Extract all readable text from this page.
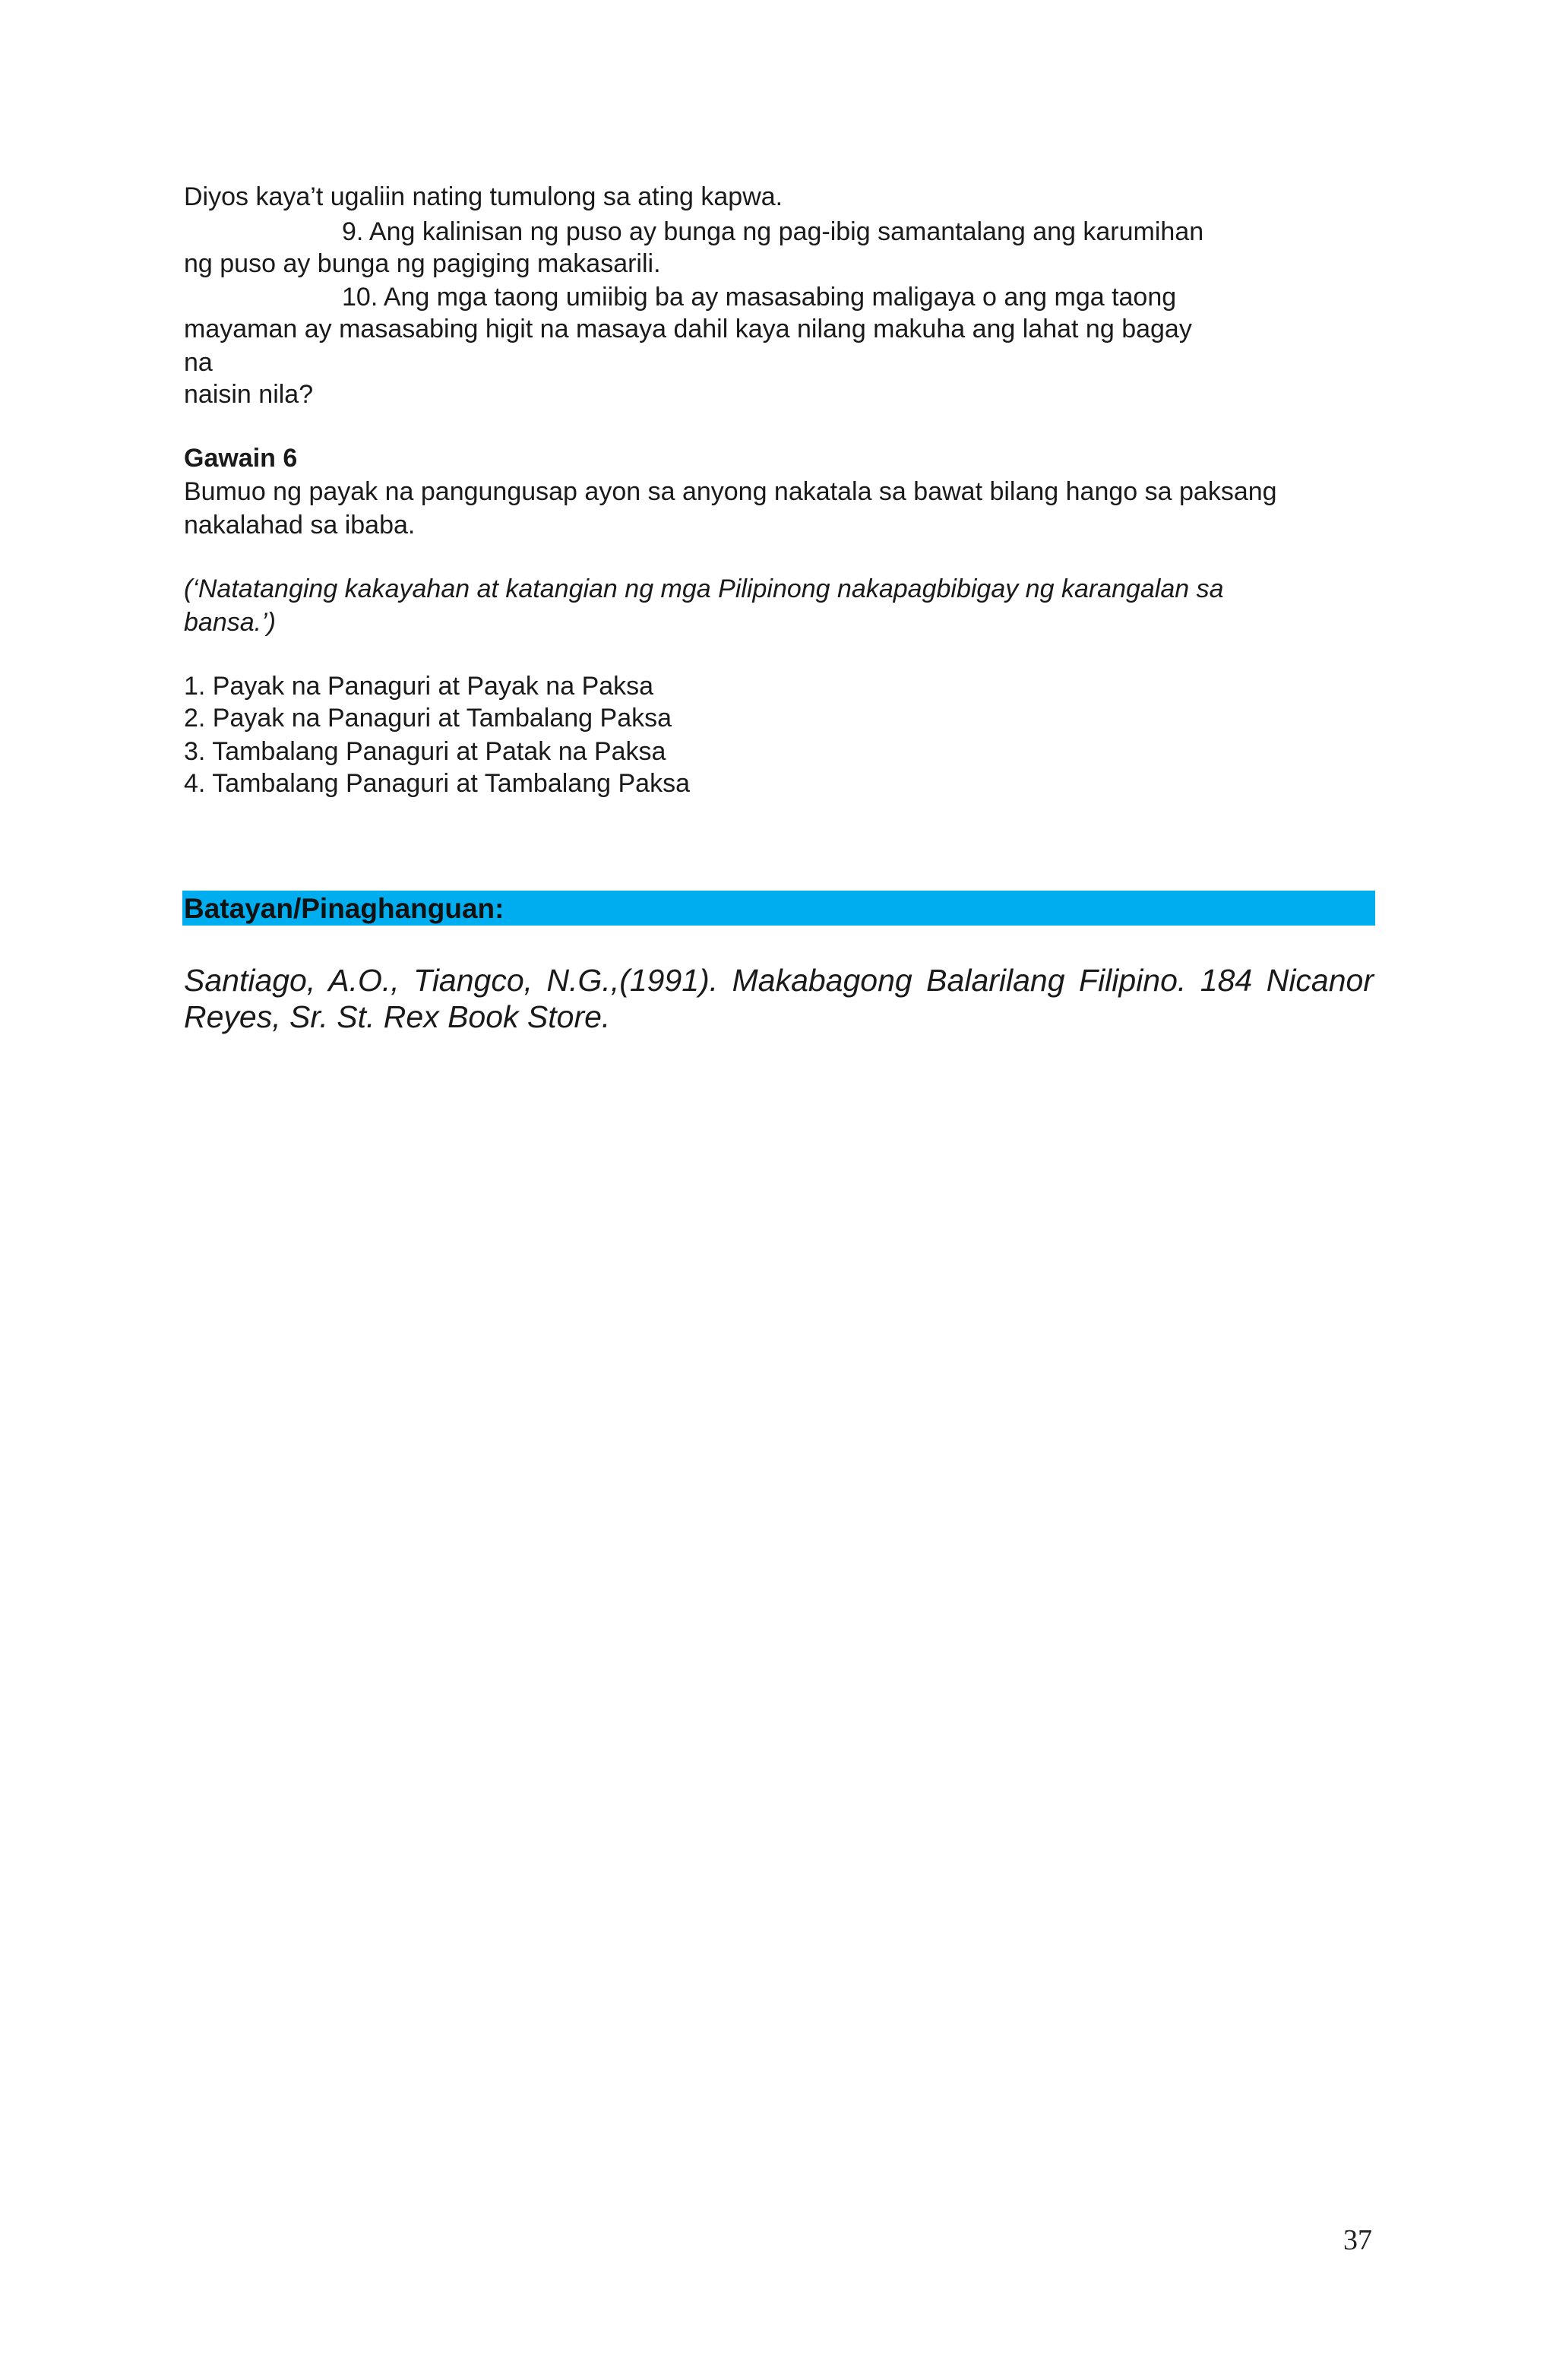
Diyos kaya’t ugaliin nating tumulong sa ating kapwa.
9. Ang kalinisan ng puso ay bunga ng pag-ibig samantalang ang karumihan
ng puso ay bunga ng pagiging makasarili.
10. Ang mga taong umiibig ba ay masasabing maligaya o ang mga taong
mayaman ay masasabing higit na masaya dahil kaya nilang makuha ang lahat ng bagay
na
naisin nila?
Gawain 6
Bumuo ng payak na pangungusap ayon sa anyong nakatala sa bawat bilang hango sa paksang
nakalahad sa ibaba.
(‘Natatanging kakayahan at katangian ng mga Pilipinong nakapagbibigay ng karangalan sa
bansa.’)
1. Payak na Panaguri at Payak na Paksa
2. Payak na Panaguri at Tambalang Paksa
3. Tambalang Panaguri at Patak na Paksa
4. Tambalang Panaguri at Tambalang Paksa
Batayan/Pinaghanguan:
Santiago, A.O., Tiangco, N.G.,(1991). Makabagong Balarilang Filipino. 184 Nicanor
Reyes, Sr. St. Rex Book Store.
37
